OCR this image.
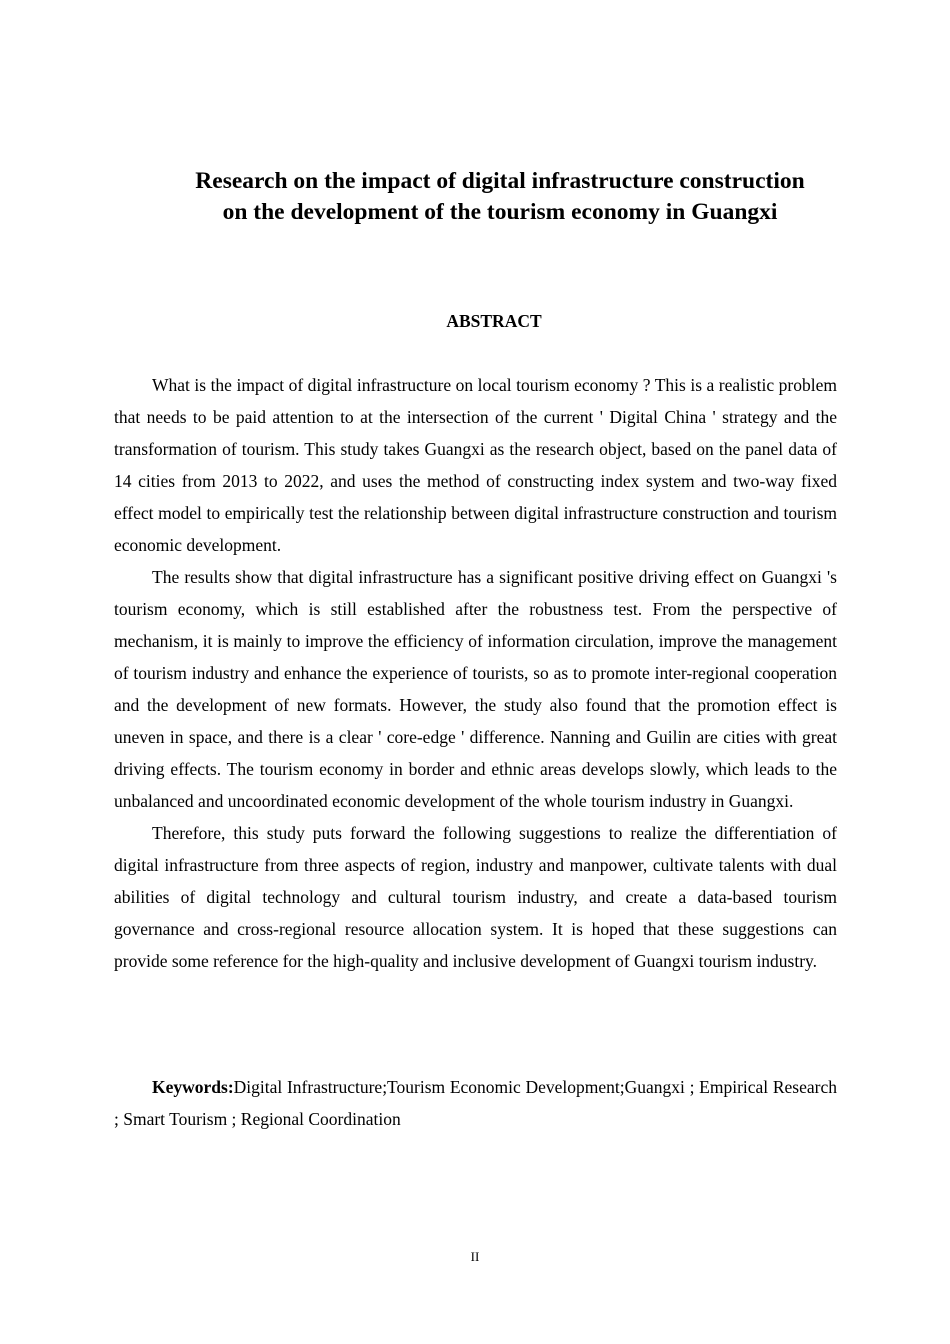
Research on the impact of digital infrastructure construction
on the development of the tourism economy in Guangxi
ABSTRACT

What is the impact of digital infrastructure on local tourism economy ? This is a realistic problem that needs to be paid attention to at the intersection of the current ' Digital China ' strategy and the transformation of tourism. This study takes Guangxi as the research object, based on the panel data of 14 cities from 2013 to 2022, and uses the method of constructing index system and two-way fixed effect model to empirically test the relationship between digital infrastructure construction and tourism economic development.

The results show that digital infrastructure has a significant positive driving effect on Guangxi 's tourism economy, which is still established after the robustness test. From the perspective of mechanism, it is mainly to improve the efficiency of information circulation, improve the management of tourism industry and enhance the experience of tourists, so as to promote inter-regional cooperation and the development of new formats. However, the study also found that the promotion effect is uneven in space, and there is a clear ' core-edge ' difference. Nanning and Guilin are cities with great driving effects. The tourism economy in border and ethnic areas develops slowly, which leads to the unbalanced and uncoordinated economic development of the whole tourism industry in Guangxi.

Therefore, this study puts forward the following suggestions to realize the differentiation of digital infrastructure from three aspects of region, industry and manpower, cultivate talents with dual abilities of digital technology and cultural tourism industry, and create a data-based tourism governance and cross-regional resource allocation system. It is hoped that these suggestions can provide some reference for the high-quality and inclusive development of Guangxi tourism industry.

Keywords:Digital Infrastructure;Tourism Economic Development;Guangxi ; Empirical Research ; Smart Tourism ; Regional Coordination

II
